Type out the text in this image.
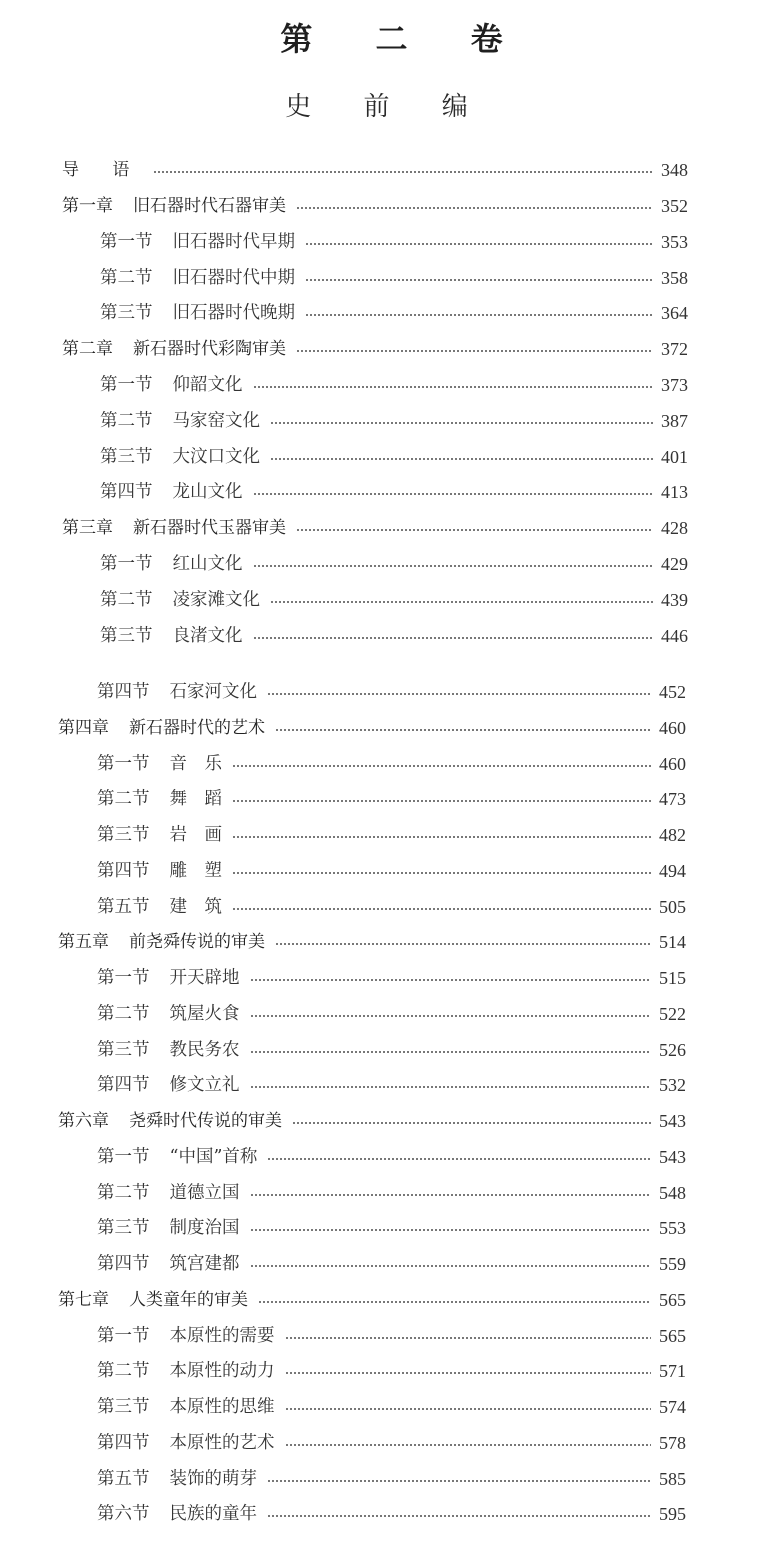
第 二 卷
史 前 编
导 语	348
第一章 旧石器时代石器审美	352
第一节 旧石器时代早期	353
第二节 旧石器时代中期	358
第三节 旧石器时代晚期	364
第二章 新石器时代彩陶审美	372
第一节 仰韶文化	373
第二节 马家窑文化	387
第三节 大汶口文化	401
第四节 龙山文化	413
第三章 新石器时代玉器审美	428
第一节 红山文化	429
第二节 凌家滩文化	439
第三节 良渚文化	446
第四节 石家河文化	452
第四章 新石器时代的艺术	460
第一节 音　乐	460
第二节 舞　蹈	473
第三节 岩　画	482
第四节 雕　塑	494
第五节 建　筑	505
第五章 前尧舜传说的审美	514
第一节 开天辟地	515
第二节 筑屋火食	522
第三节 教民务农	526
第四节 修文立礼	532
第六章 尧舜时代传说的审美	543
第一节 “中国”首称	543
第二节 道德立国	548
第三节 制度治国	553
第四节 筑宫建都	559
第七章 人类童年的审美	565
第一节 本原性的需要	565
第二节 本原性的动力	571
第三节 本原性的思维	574
第四节 本原性的艺术	578
第五节 装饰的萌芽	585
第六节 民族的童年	595
